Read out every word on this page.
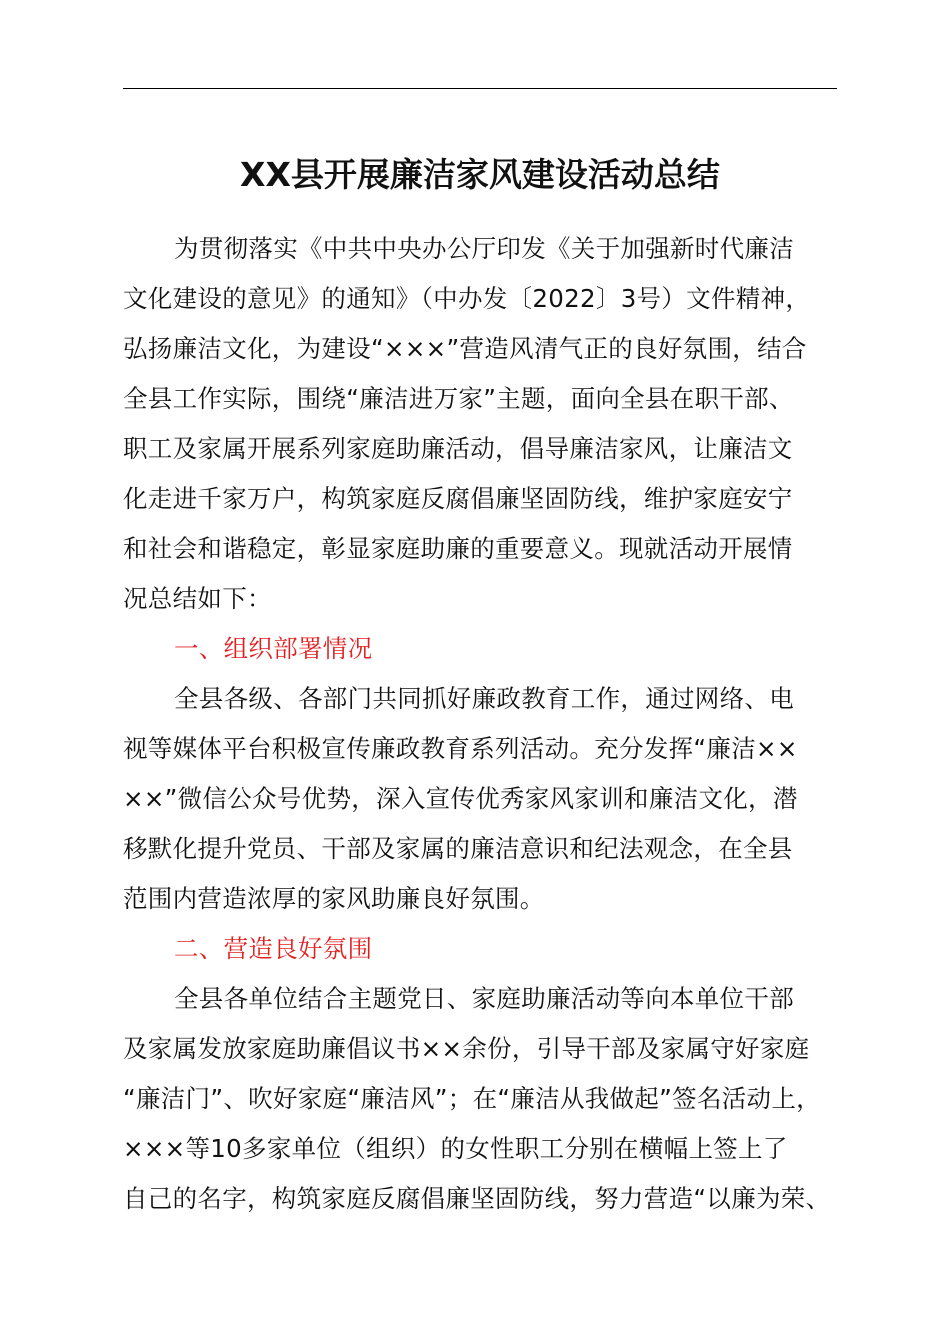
XX县开展廉洁家风建设活动总结
为贯彻落实《中共中央办公厅印发《关于加强新时代廉洁
文化建设的意见》的通知》（中办发〔2022〕3号）文件精神，
弘扬廉洁文化，为建设“×××”营造风清气正的良好氛围，结合
全县工作实际，围绕“廉洁进万家”主题，面向全县在职干部、
职工及家属开展系列家庭助廉活动，倡导廉洁家风，让廉洁文
化走进千家万户，构筑家庭反腐倡廉坚固防线，维护家庭安宁
和社会和谐稳定，彰显家庭助廉的重要意义。现就活动开展情
况总结如下：
一、组织部署情况
全县各级、各部门共同抓好廉政教育工作，通过网络、电
视等媒体平台积极宣传廉政教育系列活动。充分发挥“廉洁××
××”微信公众号优势，深入宣传优秀家风家训和廉洁文化，潜
移默化提升党员、干部及家属的廉洁意识和纪法观念，在全县
范围内营造浓厚的家风助廉良好氛围。
二、营造良好氛围
全县各单位结合主题党日、家庭助廉活动等向本单位干部
及家属发放家庭助廉倡议书××余份，引导干部及家属守好家庭
“廉洁门”、吹好家庭“廉洁风”；在“廉洁从我做起”签名活动上，
×××等10多家单位（组织）的女性职工分别在横幅上签上了
自己的名字，构筑家庭反腐倡廉坚固防线，努力营造“以廉为荣、
